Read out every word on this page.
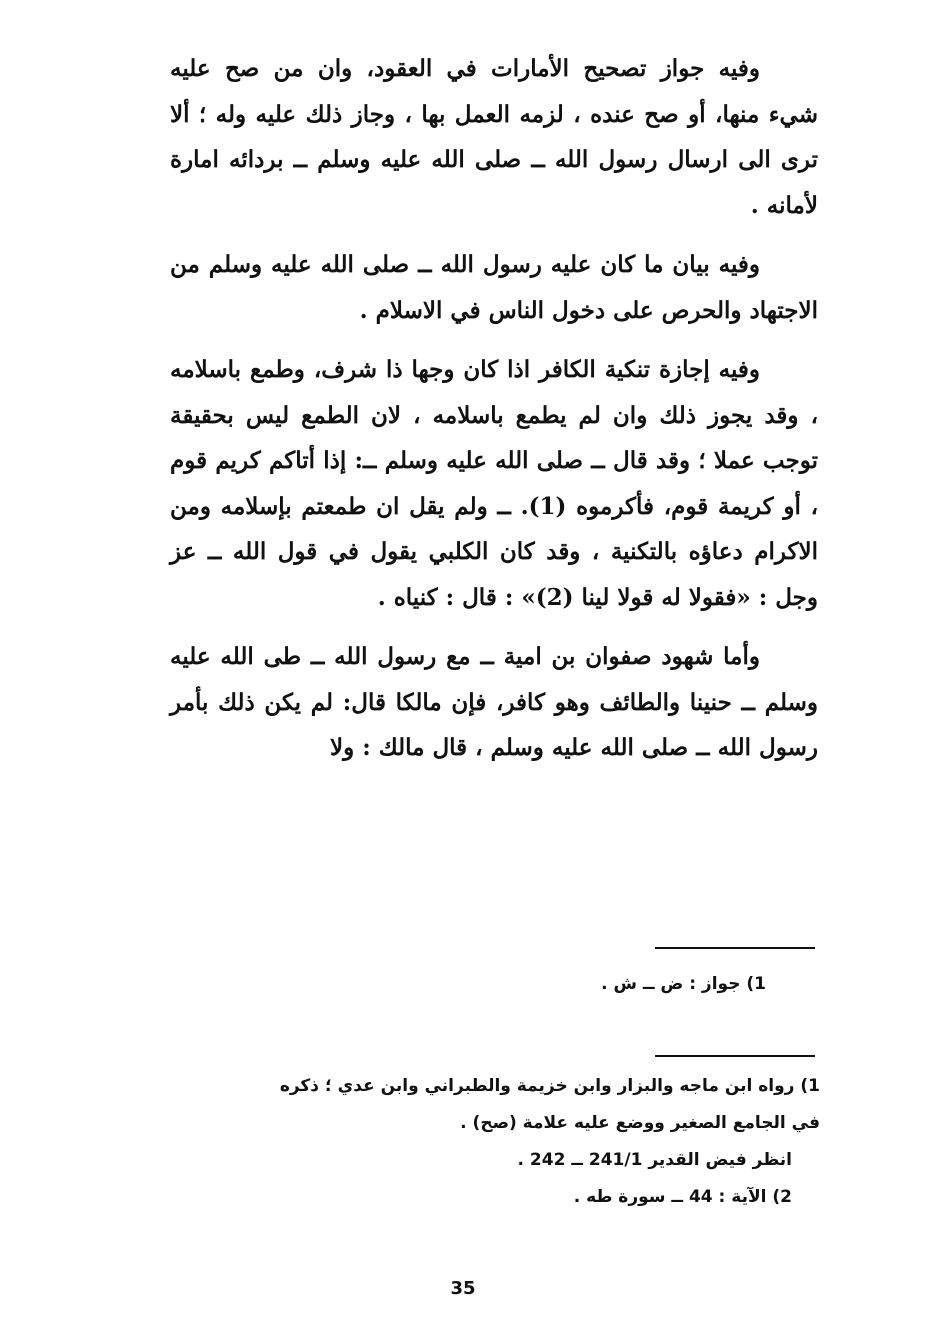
وفيه جواز تصحيح الأمارات في العقود، وان من صح عليه شيء منها، أو صح عنده ، لزمه العمل بها ، وجاز ذلك عليه وله ؛ ألا ترى الى ارسال رسول الله ــ صلى الله عليه وسلم ــ بردائه امارة لأمانه .

وفيه بيان ما كان عليه رسول الله ــ صلى الله عليه وسلم من الاجتهاد والحرص على دخول الناس في الاسلام .

وفيه إجازة تنكية الكافر اذا كان وجها ذا شرف، وطمع باسلامه ، وقد يجوز ذلك وان لم يطمع باسلامه ، لان الطمع ليس بحقيقة توجب عملا ؛ وقد قال ــ صلى الله عليه وسلم ــ: إذا أتاكم كريم قوم ، أو كريمة قوم، فأكرموه (1). ــ ولم يقل ان طمعتم بإسلامه ومن الاكرام دعاؤه بالتكنية ، وقد كان الكلبي يقول في قول الله ــ عز وجل : «فقولا له قولا لينا (2)» : قال : كنياه .

وأما شهود صفوان بن امية ــ مع رسول الله ــ طى الله عليه وسلم ــ حنينا والطائف وهو كافر، فإن مالكا قال: لم يكن ذلك بأمر رسول الله ــ صلى الله عليه وسلم ، قال مالك : ولا

1) جواز : ض ــ ش .
1) رواه ابن ماجه والبزار وابن خزيمة والطبراني وابن عدي ؛ ذكره
في الجامع الصغير ووضع عليه علامة (صح) .
انظر فيض القدير 241/1 ــ 242 .
2) الآية : 44 ــ سورة طه .
35
